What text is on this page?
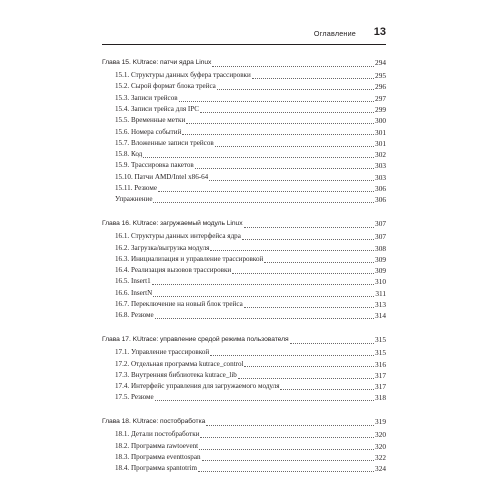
Оглавление 13
Глава 15. KUtrace: патчи ядра Linux	294
15.1. Структуры данных буфера трассировки	295
15.2. Сырой формат блока трейса	296
15.3. Записи трейсов	297
15.4. Записи трейса для IPC	299
15.5. Временные метки	300
15.6. Номера событий	301
15.7. Вложенные записи трейсов	301
15.8. Код	302
15.9. Трассировка пакетов	303
15.10. Патчи AMD/Intel x86-64	303
15.11. Резюме	306
Упражнение	306
Глава 16. KUtrace: загружаемый модуль Linux	307
16.1. Структуры данных интерфейса ядра	307
16.2. Загрузка/выгрузка модуля	308
16.3. Инициализация и управление трассировкой	309
16.4. Реализация вызовов трассировки	309
16.5. Insert1	310
16.6. InsertN	311
16.7. Переключение на новый блок трейса	313
16.8. Резюме	314
Глава 17. KUtrace: управление средой режима пользователя	315
17.1. Управление трассировкой	315
17.2. Отдельная программа kutrace_control	316
17.3. Внутренняя библиотека kutrace_lib	317
17.4. Интерфейс управления для загружаемого модуля	317
17.5. Резюме	318
Глава 18. KUtrace: постобработка	319
18.1. Детали постобработки	320
18.2. Программа rawtoevent	320
18.3. Программа eventtospan	322
18.4. Программа spantotrim	324
